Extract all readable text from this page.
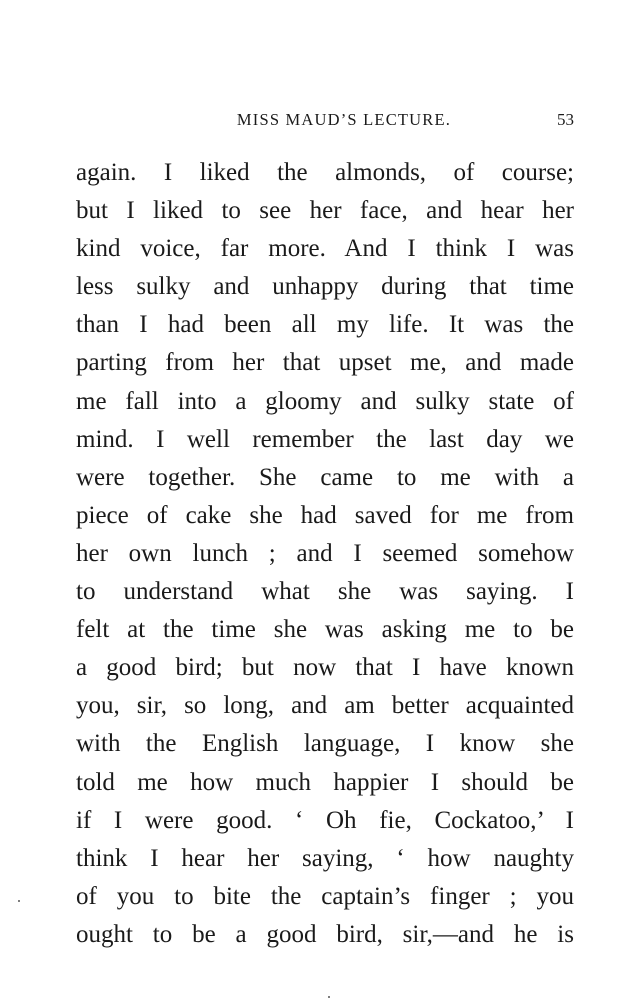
MISS MAUD’S LECTURE.	53
again. I liked the almonds, of course;
but I liked to see her face, and hear her
kind voice, far more. And I think I was
less sulky and unhappy during that time
than I had been all my life. It was the
parting from her that upset me, and made
me fall into a gloomy and sulky state of
mind. I well remember the last day we
were together. She came to me with a
piece of cake she had saved for me from
her own lunch ; and I seemed somehow
to understand what she was saying. I
felt at the time she was asking me to be
a good bird; but now that I have known
you, sir, so long, and am better acquainted
with the English language, I know she
told me how much happier I should be
if I were good. ‘ Oh fie, Cockatoo,’ I
think I hear her saying, ‘ how naughty
of you to bite the captain’s finger ; you
ought to be a good bird, sir,—and he is
